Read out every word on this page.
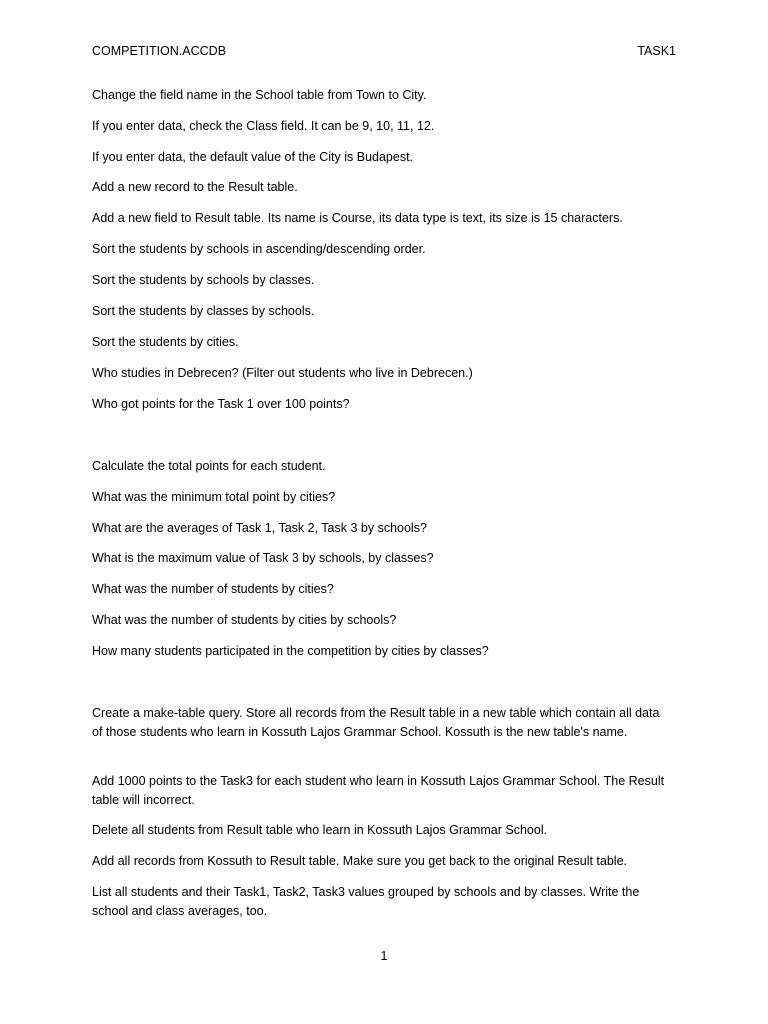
COMPETITION.ACCDB	TASK1

Change the field name in the School table from Town to City.

If you enter data, check the Class field. It can be 9, 10, 11, 12.

If you enter data, the default value of the City is Budapest.

Add a new record to the Result table.

Add a new field to Result table. Its name is Course, its data type is text, its size is 15 characters.

Sort the students by schools in ascending/descending order.

Sort the students by schools by classes.

Sort the students by classes by schools.

Sort the students by cities.

Who studies in Debrecen? (Filter out students who live in Debrecen.)

Who got points for the Task 1 over 100 points?

Calculate the total points for each student.

What was the minimum total point by cities?

What are the averages of Task 1, Task 2, Task 3 by schools?

What is the maximum value of Task 3 by schools, by classes?

What was the number of students by cities?

What was the number of students by cities by schools?

How many students participated in the competition by cities by classes?

Create a make-table query. Store all records from the Result table in a new table which contain all data of those students who learn in Kossuth Lajos Grammar School. Kossuth is the new table's name.

Add 1000 points to the Task3 for each student who learn in Kossuth Lajos Grammar School. The Result table will incorrect.

Delete all students from Result table who learn in Kossuth Lajos Grammar School.

Add all records from Kossuth to Result table. Make sure you get back to the original Result table.

List all students and their Task1, Task2, Task3 values grouped by schools and by classes. Write the school and class averages, too.

1
